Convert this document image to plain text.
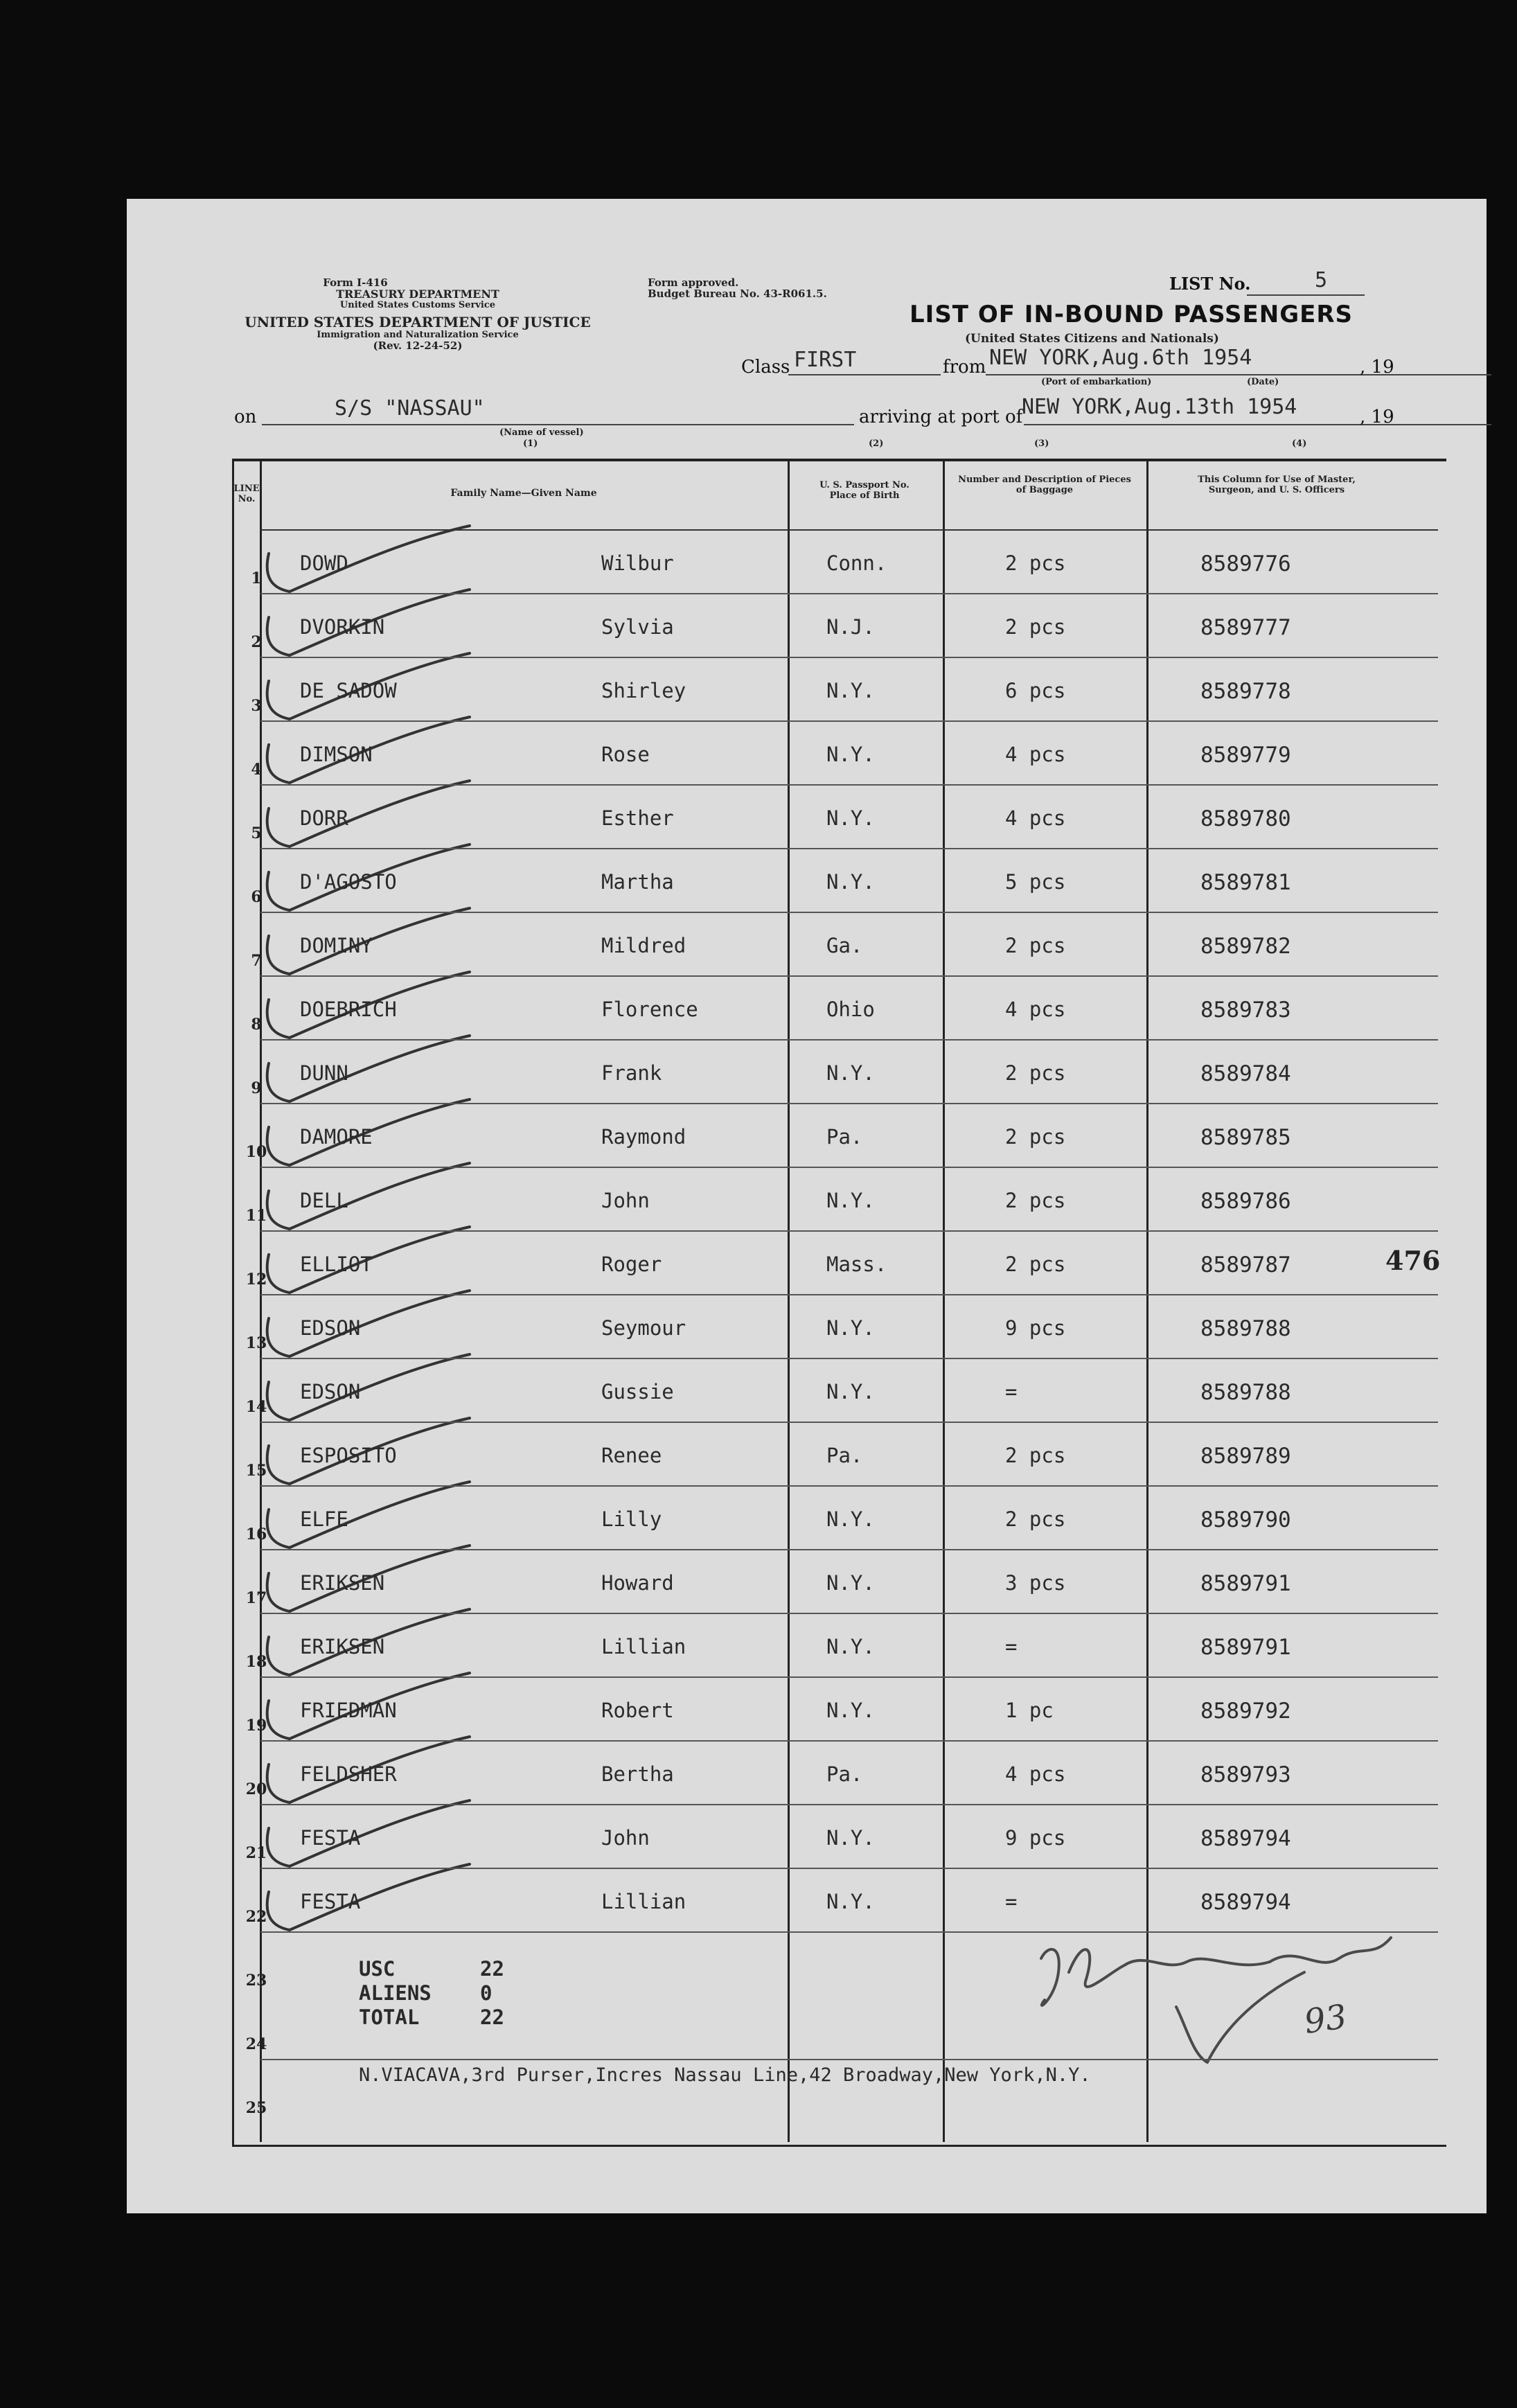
Form I-416
TREASURY DEPARTMENT
United States Customs Service
UNITED STATES DEPARTMENT OF JUSTICE
Immigration and Naturalization Service
(Rev. 12-24-52)
Form approved.
Budget Bureau No. 43-R061.5.	LIST No.	5
LIST OF IN-BOUND PASSENGERS
(United States Citizens and Nationals)
Class FIRST	from NEW YORK,Aug.6th 1954	, 19
(Port of embarkation)	(Date)
on	S/S "NASSAU"
(Name of vessel)
arriving at port of
NEW YORK,Aug.13th 1954	, 19
(1)	(2)	(3)	(4)
LINE No.
Family Name—Given Name
U. S. Passport No. Place of Birth
Number and Description of Pieces of Baggage
This Column for Use of Master, Surgeon, and U. S. Officers
USC	22
ALIENS 0
TOTAL	22
N.VIACAVA,3rd Purser,Incres Nassau Line,42 Broadway,New York,N.Y.
476
93
1
DOWD	Wilbur	Conn.	2 pcs	8589776
2
DVORKIN	Sylvia	N.J.	2 pcs	8589777
3
DE SADOW	Shirley	N.Y.	6 pcs	8589778
4
DIMSON	Rose	N.Y.	4 pcs	8589779
5
DORR	Esther	N.Y.	4 pcs	8589780
6
D'AGOSTO	Martha	N.Y.	5 pcs	8589781
7
DOMINY	Mildred	Ga.	2 pcs	8589782
8
DOEBRICH	Florence	Ohio	4 pcs	8589783
9
DUNN	Frank	N.Y.	2 pcs	8589784
10
DAMORE	Raymond	Pa.	2 pcs	8589785
11
DELL	John	N.Y.	2 pcs	8589786
12
ELLIOT	Roger	Mass.	2 pcs	8589787
13
EDSON	Seymour	N.Y.	9 pcs	8589788
14
EDSON	Gussie	N.Y.	=	8589788
15
ESPOSITO	Renee	Pa.	2 pcs	8589789
16
ELFE	Lilly	N.Y.	2 pcs	8589790
17
ERIKSEN	Howard	N.Y.	3 pcs	8589791
18
ERIKSEN	Lillian	N.Y.	=	8589791
19
FRIEDMAN	Robert	N.Y.	1 pc	8589792
20
FELDSHER	Bertha	Pa.	4 pcs	8589793
21
FESTA	John	N.Y.	9 pcs	8589794
22
FESTA	Lillian	N.Y.	=	8589794
23
24
25
